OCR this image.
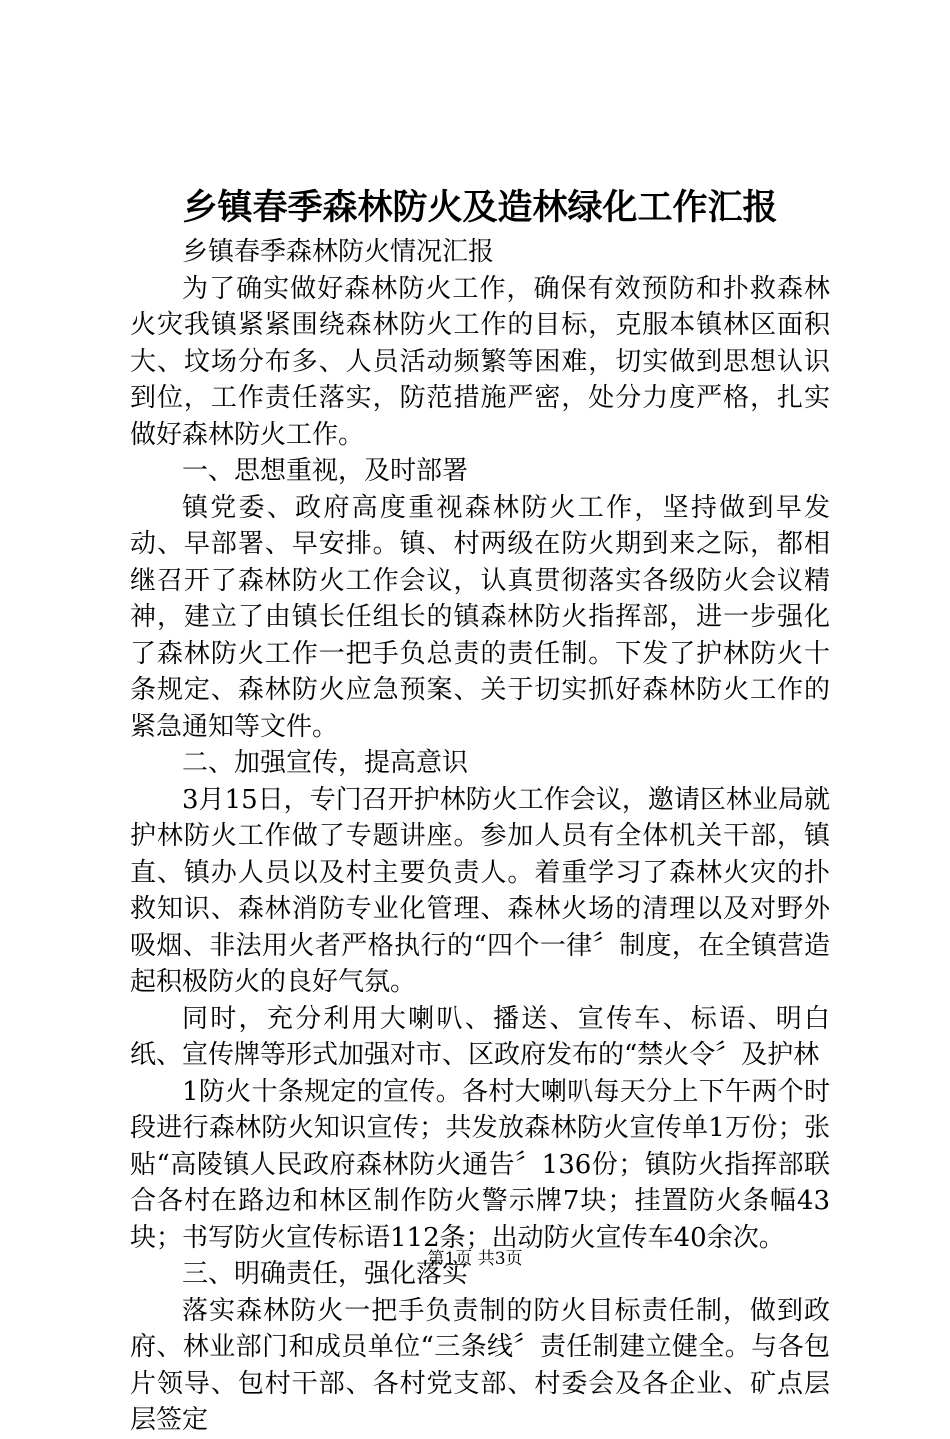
乡镇春季森林防火及造林绿化工作汇报

乡镇春季森林防火情况汇报

为了确实做好森林防火工作，确保有效预防和扑救森林火灾我镇紧紧围绕森林防火工作的目标，克服本镇林区面积大、坟场分布多、人员活动频繁等困难，切实做到思想认识到位，工作责任落实，防范措施严密，处分力度严格，扎实做好森林防火工作。

一、思想重视，及时部署

镇党委、政府高度重视森林防火工作，坚持做到早发动、早部署、早安排。镇、村两级在防火期到来之际，都相继召开了森林防火工作会议，认真贯彻落实各级防火会议精神，建立了由镇长任组长的镇森林防火指挥部，进一步强化了森林防火工作一把手负总责的责任制。下发了护林防火十条规定、森林防火应急预案、关于切实抓好森林防火工作的紧急通知等文件。

二、加强宣传，提高意识

3月15日，专门召开护林防火工作会议，邀请区林业局就护林防火工作做了专题讲座。参加人员有全体机关干部，镇直、镇办人员以及村主要负责人。着重学习了森林火灾的扑救知识、森林消防专业化管理、森林火场的清理以及对野外吸烟、非法用火者严格执行的“四个一律〞制度，在全镇营造起积极防火的良好气氛。

同时，充分利用大喇叭、播送、宣传车、标语、明白纸、宣传牌等形式加强对市、区政府发布的“禁火令〞及护林

1防火十条规定的宣传。各村大喇叭每天分上下午两个时段进行森林防火知识宣传；共发放森林防火宣传单1万份；张贴“高陵镇人民政府森林防火通告〞136份；镇防火指挥部联合各村在路边和林区制作防火警示牌7块；挂置防火条幅43块；书写防火宣传标语112条；出动防火宣传车40余次。

三、明确责任，强化落实

落实森林防火一把手负责制的防火目标责任制，做到政府、林业部门和成员单位“三条线〞责任制建立健全。与各包片领导、包村干部、各村党支部、村委会及各企业、矿点层层签定

第1页 共3页
